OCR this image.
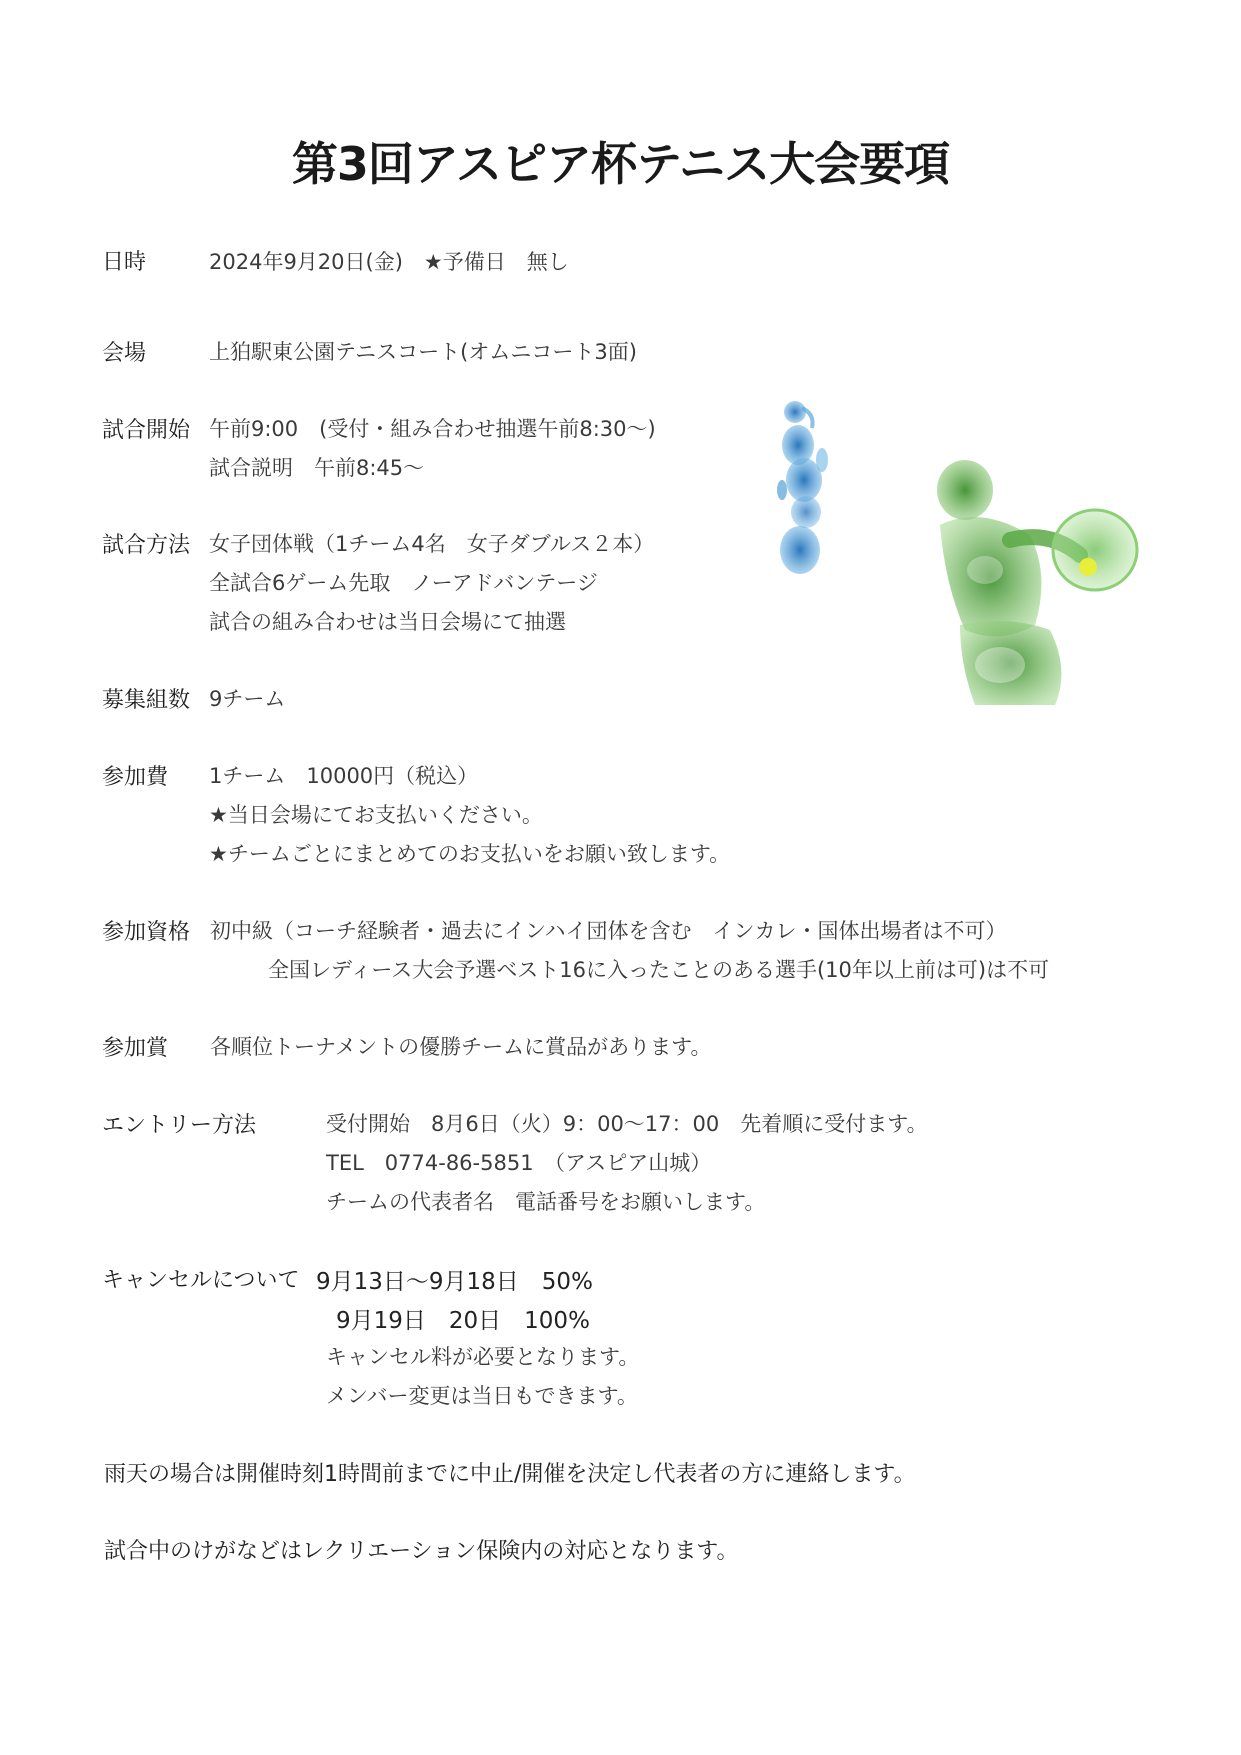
第3回アスピア杯テニス大会要項
日時	2024年9月20日(金)　★予備日　無し
会場	上狛駅東公園テニスコート(オムニコート3面)
試合開始 午前9:00　(受付・組み合わせ抽選午前8:30～)
試合説明　午前8:45～
試合方法 女子団体戦（1チーム4名　女子ダブルス２本）
全試合6ゲーム先取　ノーアドバンテージ
試合の組み合わせは当日会場にて抽選
募集組数 9チーム
参加費 1チーム　10000円（税込）
★当日会場にてお支払いください。
★チームごとにまとめてのお支払いをお願い致します。
参加資格 初中級（コーチ経験者・過去にインハイ団体を含む　インカレ・国体出場者は不可）
全国レディース大会予選ベスト16に入ったことのある選手(10年以上前は可)は不可
参加賞 各順位トーナメントの優勝チームに賞品があります。
エントリー方法	受付開始　8月6日（火）9：00～17：00　先着順に受付ます。
TEL　0774-86-5851　（アスピア山城）
チームの代表者名　電話番号をお願いします。
キャンセルについて 9月13日～9月18日　50%
9月19日　20日　100%
キャンセル料が必要となります。
メンバー変更は当日もできます。
雨天の場合は開催時刻1時間前までに中止/開催を決定し代表者の方に連絡します。
試合中のけがなどはレクリエーション保険内の対応となります。
